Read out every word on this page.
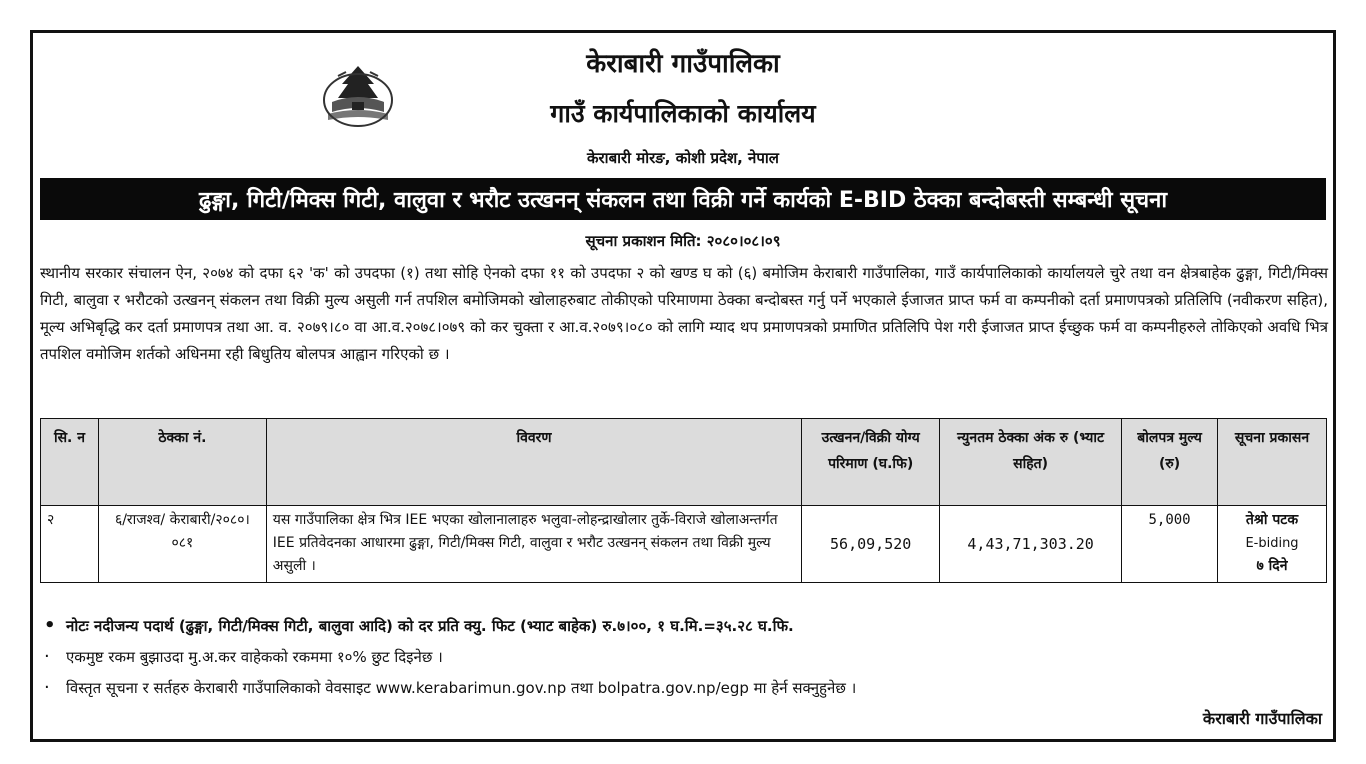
केराबारी गाउँपालिका
गाउँ कार्यपालिकाको कार्यालय
केराबारी मोरङ, कोशी प्रदेश, नेपाल
ढुङ्गा, गिटी/मिक्स गिटी, वालुवा र भरौट उत्खनन् संकलन तथा विक्री गर्ने कार्यको E-BID ठेक्का बन्दोबस्ती सम्बन्धी सूचना
सूचना प्रकाशन मिति: २०८०।०८।०९
स्थानीय सरकार संचालन ऐन, २०७४ को दफा ६२ 'क' को उपदफा (१) तथा सोहि ऐनको दफा ११ को उपदफा २ को खण्ड घ को (६) बमोजिम केराबारी गाउँपालिका, गाउँ कार्यपालिकाको कार्यालयले चुरे तथा वन क्षेत्रबाहेक ढुङ्गा, गिटी/मिक्स गिटी, बालुवा र भरौटको उत्खनन् संकलन तथा विक्री मुल्य असुली गर्न तपशिल बमोजिमको खोलाहरुबाट तोकीएको परिमाणमा ठेक्का बन्दोबस्त गर्नु पर्ने भएकाले ईजाजत प्राप्त फर्म वा कम्पनीको दर्ता प्रमाणपत्रको प्रतिलिपि (नवीकरण सहित), मूल्य अभिबृद्धि कर दर्ता प्रमाणपत्र तथा आ. व. २०७९।८० वा आ.व.२०७८।०७९ को कर चुक्ता र आ.व.२०७९।०८० को लागि म्याद थप प्रमाणपत्रको प्रमाणित प्रतिलिपि पेश गरी ईजाजत प्राप्त ईच्छुक फर्म वा कम्पनीहरुले तोकिएको अवधि भित्र तपशिल वमोजिम शर्तको अधिनमा रही बिधुतिय बोलपत्र आह्वान गरिएको छ ।
सि. न	ठेक्का नं.	विवरण	उत्खनन/विक्री योग्य परिमाण (घ.फि)	न्युनतम ठेक्का अंक रु (भ्याट सहित)	बोलपत्र मुल्य (रु)	सूचना प्रकासन
२	६/राजश्व/ केराबारी/२०८०।०८१	यस गाउँपालिका क्षेत्र भित्र IEE भएका खोलानालाहरु भलुवा-लोहन्द्राखोलार तुर्के-विराजे खोलाअन्तर्गत IEE प्रतिवेदनका आधारमा ढुङ्गा, गिटी/मिक्स गिटी, वालुवा र भरौट उत्खनन् संकलन तथा विक्री मुल्य असुली ।	56,09,520	4,43,71,303.20	5,000	तेश्रो पटक
E-biding
७ दिने
• नोटः नदीजन्य पदार्थ (ढुङ्गा, गिटी/मिक्स गिटी, बालुवा आदि) को दर प्रति क्यु. फिट (भ्याट बाहेक) रु.७।००, १ घ.मि.=३५.२८ घ.फि.
·	एकमुष्ट रकम बुझाउदा मु.अ.कर वाहेकको रकममा १०% छुट दिइनेछ ।
·	विस्तृत सूचना र सर्तहरु केराबारी गाउँपालिकाको वेवसाइट www.kerabarimun.gov.np तथा bolpatra.gov.np/egp मा हेर्न सक्नुहुनेछ ।
केराबारी गाउँपालिका
